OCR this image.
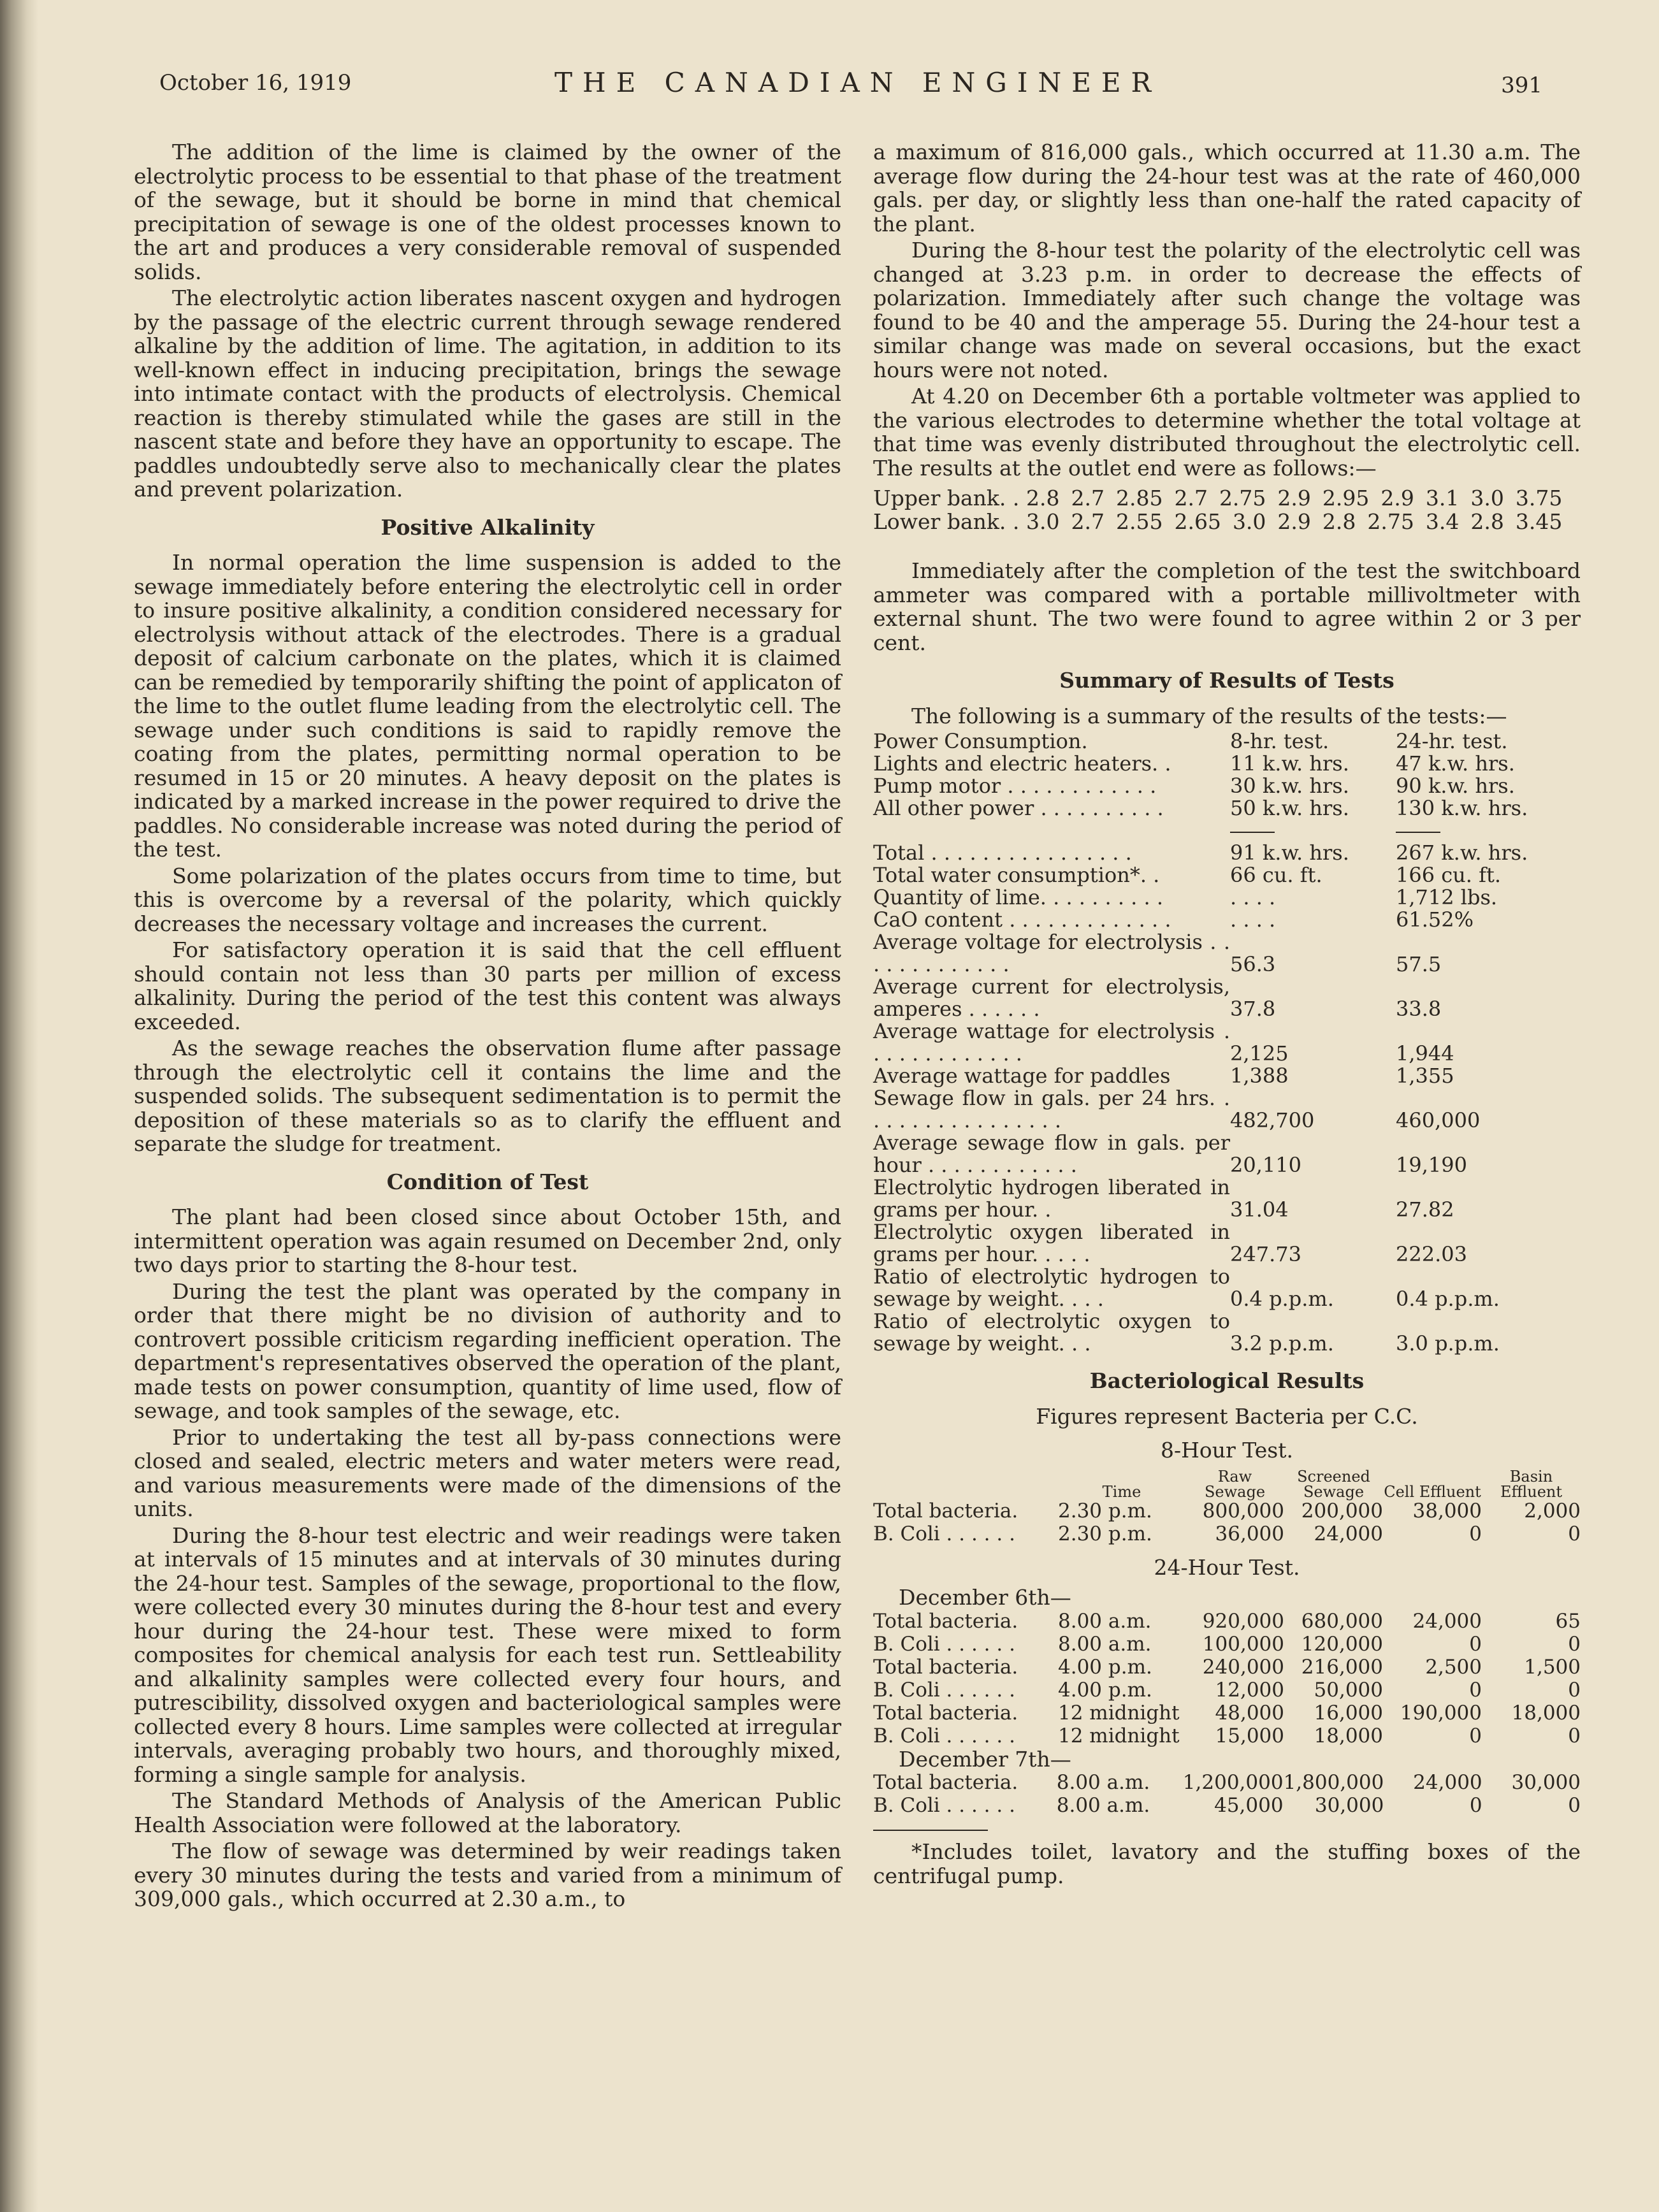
October 16, 1919	THE CANADIAN ENGINEER	391

The addition of the lime is claimed by the owner of the electrolytic process to be essential to that phase of the treatment of the sewage, but it should be borne in mind that chemical precipitation of sewage is one of the oldest processes known to the art and produces a very considerable removal of suspended solids.

The electrolytic action liberates nascent oxygen and hydrogen by the passage of the electric current through sewage rendered alkaline by the addition of lime. The agitation, in addition to its well-known effect in inducing precipitation, brings the sewage into intimate contact with the products of electrolysis. Chemical reaction is thereby stimulated while the gases are still in the nascent state and before they have an opportunity to escape. The paddles undoubtedly serve also to mechanically clear the plates and prevent polarization.

Positive Alkalinity

In normal operation the lime suspension is added to the sewage immediately before entering the electrolytic cell in order to insure positive alkalinity, a condition considered necessary for electrolysis without attack of the electrodes. There is a gradual deposit of calcium carbonate on the plates, which it is claimed can be remedied by temporarily shifting the point of applicaton of the lime to the outlet flume leading from the electrolytic cell. The sewage under such conditions is said to rapidly remove the coating from the plates, permitting normal operation to be resumed in 15 or 20 minutes. A heavy deposit on the plates is indicated by a marked increase in the power required to drive the paddles. No considerable increase was noted during the period of the test.

Some polarization of the plates occurs from time to time, but this is overcome by a reversal of the polarity, which quickly decreases the necessary voltage and increases the current.

For satisfactory operation it is said that the cell effluent should contain not less than 30 parts per million of excess alkalinity. During the period of the test this content was always exceeded.

As the sewage reaches the observation flume after passage through the electrolytic cell it contains the lime and the suspended solids. The subsequent sedimentation is to permit the deposition of these materials so as to clarify the effluent and separate the sludge for treatment.

Condition of Test

The plant had been closed since about October 15th, and intermittent operation was again resumed on December 2nd, only two days prior to starting the 8-hour test.

During the test the plant was operated by the company in order that there might be no division of authority and to controvert possible criticism regarding inefficient operation. The department's representatives observed the operation of the plant, made tests on power consumption, quantity of lime used, flow of sewage, and took samples of the sewage, etc.

Prior to undertaking the test all by-pass connections were closed and sealed, electric meters and water meters were read, and various measurements were made of the dimensions of the units.

During the 8-hour test electric and weir readings were taken at intervals of 15 minutes and at intervals of 30 minutes during the 24-hour test. Samples of the sewage, proportional to the flow, were collected every 30 minutes during the 8-hour test and every hour during the 24-hour test. These were mixed to form composites for chemical analysis for each test run. Settleability and alkalinity samples were collected every four hours, and putrescibility, dissolved oxygen and bacteriological samples were collected every 8 hours. Lime samples were collected at irregular intervals, averaging probably two hours, and thoroughly mixed, forming a single sample for analysis.

The Standard Methods of Analysis of the American Public Health Association were followed at the laboratory.

The flow of sewage was determined by weir readings taken every 30 minutes during the tests and varied from a minimum of 309,000 gals., which occurred at 2.30 a.m., to

a maximum of 816,000 gals., which occurred at 11.30 a.m. The average flow during the 24-hour test was at the rate of 460,000 gals. per day, or slightly less than one-half the rated capacity of the plant.

During the 8-hour test the polarity of the electrolytic cell was changed at 3.23 p.m. in order to decrease the effects of polarization. Immediately after such change the voltage was found to be 40 and the amperage 55. During the 24-hour test a similar change was made on several occasions, but the exact hours were not noted.

At 4.20 on December 6th a portable voltmeter was applied to the various electrodes to determine whether the total voltage at that time was evenly distributed throughout the electrolytic cell. The results at the outlet end were as follows:—

Upper bank. . 2.8 2.7 2.85 2.7 2.75 2.9 2.95 2.9 3.1 3.0 3.75
Lower bank. . 3.0 2.7 2.55 2.65 3.0 2.9 2.8 2.75 3.4 2.8 3.45

Immediately after the completion of the test the switchboard ammeter was compared with a portable millivoltmeter with external shunt. The two were found to agree within 2 or 3 per cent.

Summary of Results of Tests

The following is a summary of the results of the tests:—

Power Consumption.	8-hr. test.	24-hr. test.
Lights and electric heaters. .	11 k.w. hrs.	47 k.w. hrs.
Pump motor . . . . . . . . . . . .	30 k.w. hrs.	90 k.w. hrs.
All other power . . . . . . . . . .	50 k.w. hrs.	130 k.w. hrs.

Total . . . . . . . . . . . . . . . .	91 k.w. hrs.	267 k.w. hrs.
Total water consumption*. .	66 cu. ft.	166 cu. ft.
Quantity of lime. . . . . . . . . .	. . . .	1,712 lbs.
CaO content . . . . . . . . . . . . .	. . . .	61.52%
Average voltage for electrolysis . . . . . . . . . . . . .	56.3	57.5
Average current for electrolysis, amperes . . . . . .	37.8	33.8
Average wattage for electrolysis . . . . . . . . . . . . .	2,125	1,944
Average wattage for paddles	1,388	1,355
Sewage flow in gals. per 24 hrs. . . . . . . . . . . . . . . . .	482,700	460,000
Average sewage flow in gals. per hour . . . . . . . . . . . .	20,110	19,190
Electrolytic hydrogen liberated in grams per hour. .	31.04	27.82
Electrolytic oxygen liberated in grams per hour. . . . .	247.73	222.03
Ratio of electrolytic hydrogen to sewage by weight. . . .	0.4 p.p.m.	0.4 p.p.m.
Ratio of electrolytic oxygen to sewage by weight. . .	3.2 p.p.m.	3.0 p.p.m.
Bacteriological Results
Figures represent Bacteria per C.C.
8-Hour Test.
	Time	Raw Sewage	Screened Sewage	Cell Effluent	Basin Effluent
Total bacteria.	2.30 p.m.	800,000	200,000	38,000	2,000
B. Coli . . . . . .	2.30 p.m.	36,000	24,000	0	0
24-Hour Test.
December 6th—
Total bacteria.	8.00 a.m.	920,000	680,000	24,000	65
B. Coli . . . . . .	8.00 a.m.	100,000	120,000	0	0
Total bacteria.	4.00 p.m.	240,000	216,000	2,500	1,500
B. Coli . . . . . .	4.00 p.m.	12,000	50,000	0	0
Total bacteria.	12 midnight	48,000	16,000	190,000	18,000
B. Coli . . . . . .	12 midnight	15,000	18,000	0	0
December 7th—
Total bacteria.	8.00 a.m.	1,200,000	1,800,000	24,000	30,000
B. Coli . . . . . .	8.00 a.m.	45,000	30,000	0	0

*Includes toilet, lavatory and the stuffing boxes of the centrifugal pump.
